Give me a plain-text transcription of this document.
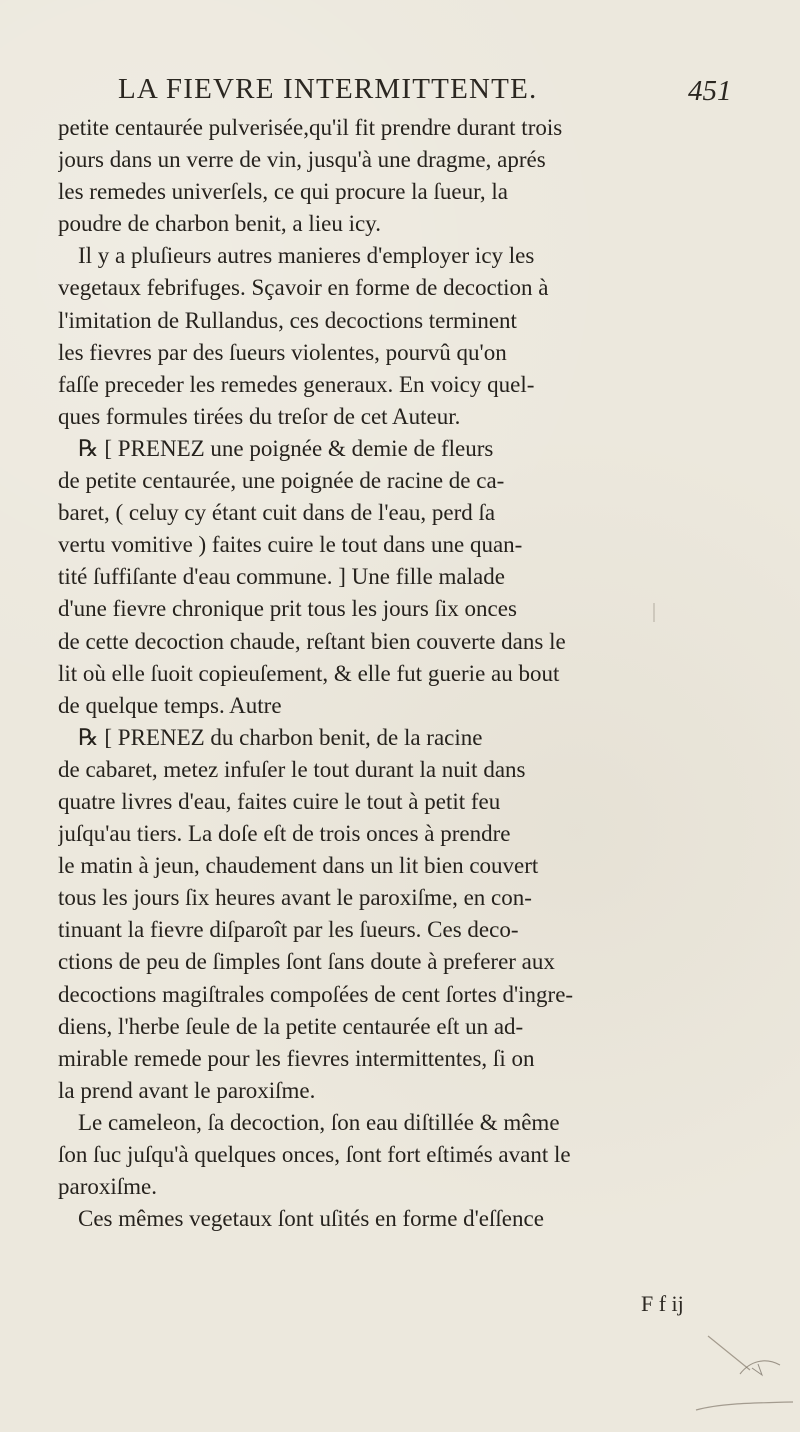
LA FIEVRE INTERMITTENTE.	451
petite centaurée pulverisée,qu'il fit prendre durant trois
jours dans un verre de vin, jusqu'à une dragme, aprés
les remedes univerſels, ce qui procure la ſueur, la
poudre de charbon benit, a lieu icy.
Il y a pluſieurs autres manieres d'employer icy les
vegetaux febrifuges. Sçavoir en forme de decoction à
l'imitation de Rullandus, ces decoctions terminent
les fievres par des ſueurs violentes, pourvû qu'on
faſſe preceder les remedes generaux. En voicy quel-
ques formules tirées du treſor de cet Auteur.
℞ [ PRENEZ une poignée & demie de fleurs
de petite centaurée, une poignée de racine de ca-
baret, ( celuy cy étant cuit dans de l'eau, perd ſa
vertu vomitive ) faites cuire le tout dans une quan-
tité ſuffiſante d'eau commune. ] Une fille malade
d'une fievre chronique prit tous les jours ſix onces
de cette decoction chaude, reſtant bien couverte dans le
lit où elle ſuoit copieuſement, & elle fut guerie au bout
de quelque temps. Autre
℞ [ PRENEZ du charbon benit, de la racine
de cabaret, metez infuſer le tout durant la nuit dans
quatre livres d'eau, faites cuire le tout à petit feu
juſqu'au tiers. La doſe eſt de trois onces à prendre
le matin à jeun, chaudement dans un lit bien couvert
tous les jours ſix heures avant le paroxiſme, en con-
tinuant la fievre diſparoît par les ſueurs. Ces deco-
ctions de peu de ſimples ſont ſans doute à preferer aux
decoctions magiſtrales compoſées de cent ſortes d'ingre-
diens, l'herbe ſeule de la petite centaurée eſt un ad-
mirable remede pour les fievres intermittentes, ſi on
la prend avant le paroxiſme.
Le cameleon, ſa decoction, ſon eau diſtillée & même
ſon ſuc juſqu'à quelques onces, ſont fort eſtimés avant le
paroxiſme.
Ces mêmes vegetaux ſont uſités en forme d'eſſence
F f ij
